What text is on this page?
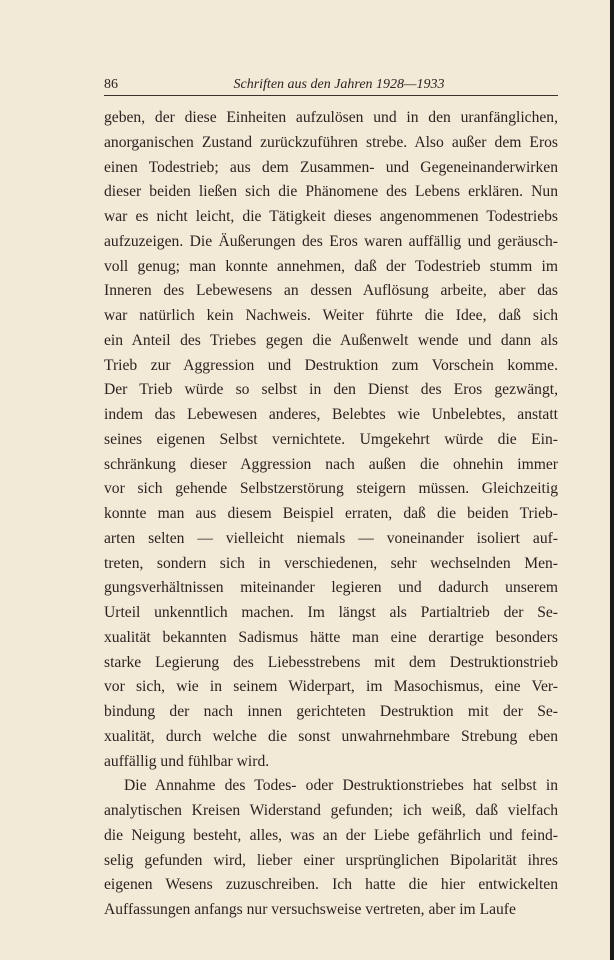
86	Schriften aus den Jahren 1928—1933
geben, der diese Einheiten aufzulösen und in den uranfänglichen,
anorganischen Zustand zurückzuführen strebe. Also außer dem Eros
einen Todestrieb; aus dem Zusammen- und Gegeneinanderwirken
dieser beiden ließen sich die Phänomene des Lebens erklären. Nun
war es nicht leicht, die Tätigkeit dieses angenommenen Todestriebs
aufzuzeigen. Die Äußerungen des Eros waren auffällig und geräusch-
voll genug; man konnte annehmen, daß der Todestrieb stumm im
Inneren des Lebewesens an dessen Auflösung arbeite, aber das
war natürlich kein Nachweis. Weiter führte die Idee, daß sich
ein Anteil des Triebes gegen die Außenwelt wende und dann als
Trieb zur Aggression und Destruktion zum Vorschein komme.
Der Trieb würde so selbst in den Dienst des Eros gezwängt,
indem das Lebewesen anderes, Belebtes wie Unbelebtes, anstatt
seines eigenen Selbst vernichtete. Umgekehrt würde die Ein-
schränkung dieser Aggression nach außen die ohnehin immer
vor sich gehende Selbstzerstörung steigern müssen. Gleichzeitig
konnte man aus diesem Beispiel erraten, daß die beiden Trieb-
arten selten — vielleicht niemals — voneinander isoliert auf-
treten, sondern sich in verschiedenen, sehr wechselnden Men-
gungsverhältnissen miteinander legieren und dadurch unserem
Urteil unkenntlich machen. Im längst als Partialtrieb der Se-
xualität bekannten Sadismus hätte man eine derartige besonders
starke Legierung des Liebesstrebens mit dem Destruktionstrieb
vor sich, wie in seinem Widerpart, im Masochismus, eine Ver-
bindung der nach innen gerichteten Destruktion mit der Se-
xualität, durch welche die sonst unwahrnehmbare Strebung eben
auffällig und fühlbar wird.
Die Annahme des Todes- oder Destruktionstriebes hat selbst in
analytischen Kreisen Widerstand gefunden; ich weiß, daß vielfach
die Neigung besteht, alles, was an der Liebe gefährlich und feind-
selig gefunden wird, lieber einer ursprünglichen Bipolarität ihres
eigenen Wesens zuzuschreiben. Ich hatte die hier entwickelten
Auffassungen anfangs nur versuchsweise vertreten, aber im Laufe
